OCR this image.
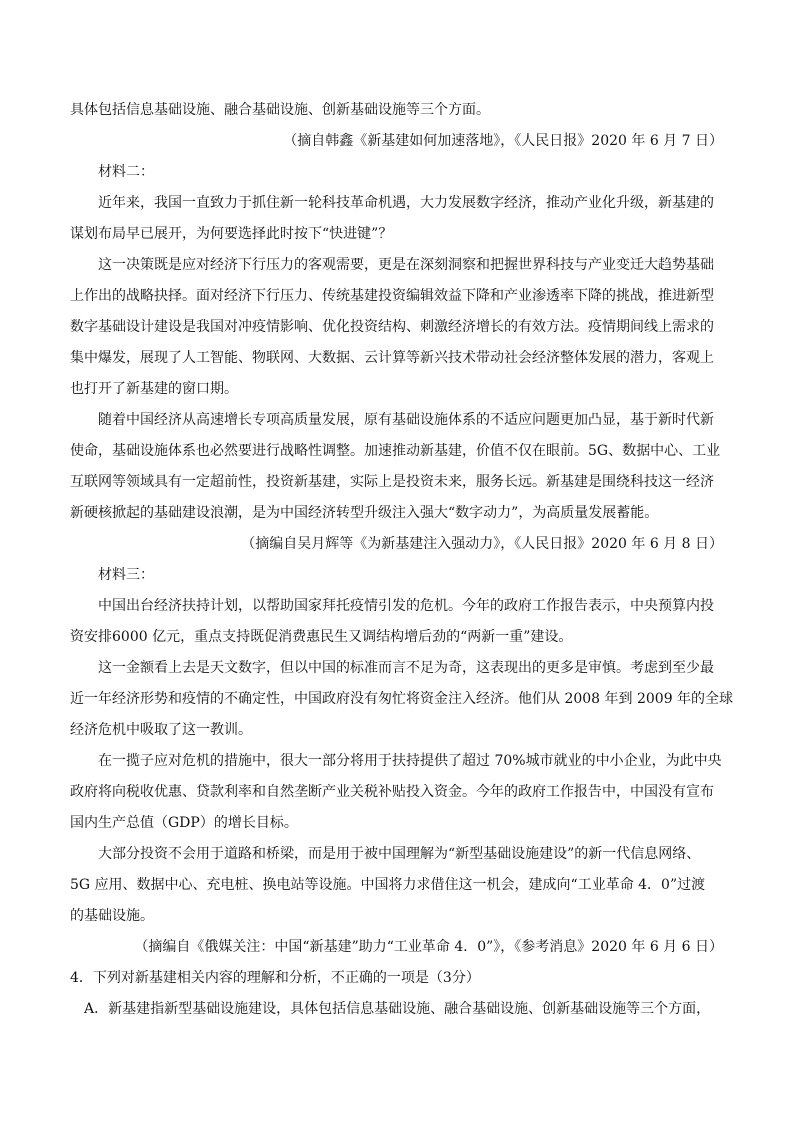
具体包括信息基础设施、融合基础设施、创新基础设施等三个方面。
（摘自韩鑫《新基建如何加速落地》，《人民日报》2020 年 6 月 7 日）
材料二：
近年来，我国一直致力于抓住新一轮科技革命机遇，大力发展数字经济，推动产业化升级，新基建的
谋划布局早已展开，为何要选择此时按下“快进键”？
这一决策既是应对经济下行压力的客观需要，更是在深刻洞察和把握世界科技与产业变迁大趋势基础
上作出的战略抉择。面对经济下行压力、传统基建投资编辑效益下降和产业渗透率下降的挑战，推进新型
数字基础设计建设是我国对冲疫情影响、优化投资结构、刺激经济增长的有效方法。疫情期间线上需求的
集中爆发，展现了人工智能、物联网、大数据、云计算等新兴技术带动社会经济整体发展的潜力，客观上
也打开了新基建的窗口期。
随着中国经济从高速增长专项高质量发展，原有基础设施体系的不适应问题更加凸显，基于新时代新
使命，基础设施体系也必然要进行战略性调整。加速推动新基建，价值不仅在眼前。5G、数据中心、工业
互联网等领域具有一定超前性，投资新基建，实际上是投资未来，服务长远。新基建是围绕科技这一经济
新硬核掀起的基础建设浪潮，是为中国经济转型升级注入强大“数字动力”，为高质量发展蓄能。
（摘编自吴月辉等《为新基建注入强动力》，《人民日报》2020 年 6 月 8 日）
材料三：
中国出台经济扶持计划，以帮助国家拜托疫情引发的危机。今年的政府工作报告表示，中央预算内投
资安排6000 亿元，重点支持既促消费惠民生又调结构增后劲的“两新一重”建设。
这一金额看上去是天文数字，但以中国的标准而言不足为奇，这表现出的更多是审慎。考虑到至少最
近一年经济形势和疫情的不确定性，中国政府没有匆忙将资金注入经济。他们从 2008 年到 2009 年的全球
经济危机中吸取了这一教训。
在一揽子应对危机的措施中，很大一部分将用于扶持提供了超过 70%城市就业的中小企业，为此中央
政府将向税收优惠、贷款利率和自然垄断产业关税补贴投入资金。今年的政府工作报告中，中国没有宣布
国内生产总值（GDP）的增长目标。
大部分投资不会用于道路和桥梁，而是用于被中国理解为“新型基础设施建设”的新一代信息网络、
5G 应用、数据中心、充电桩、换电站等设施。中国将力求借住这一机会，建成向“工业革命 4．0”过渡
的基础设施。
（摘编自《俄媒关注：中国“新基建”助力“工业革命 4．0”》，《参考消息》2020 年 6 月 6 日）
4．下列对新基建相关内容的理解和分析，不正确的一项是（3分）
A．新基建指新型基础设施建设，具体包括信息基础设施、融合基础设施、创新基础设施等三个方面，
